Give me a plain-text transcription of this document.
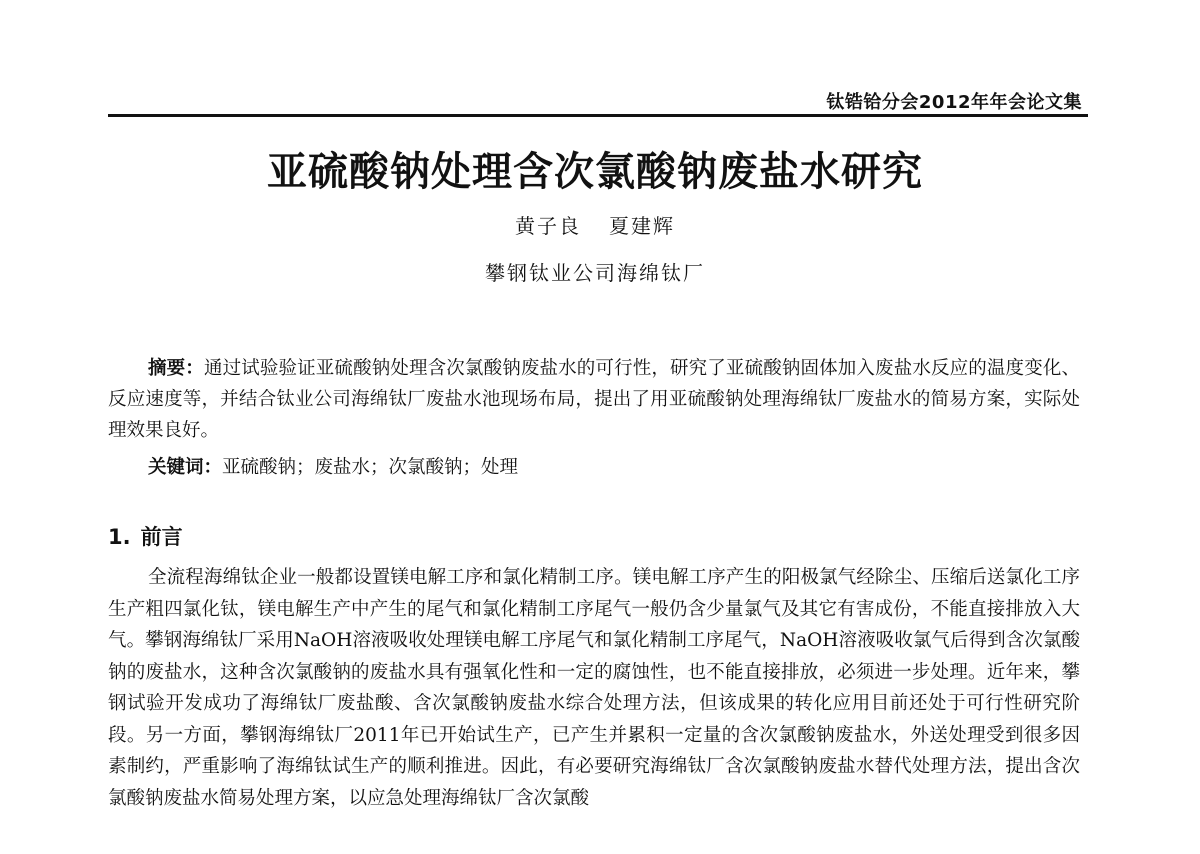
钛锆铪分会2012年年会论文集
亚硫酸钠处理含次氯酸钠废盐水研究
黄子良 夏建辉
攀钢钛业公司海绵钛厂

摘要：通过试验验证亚硫酸钠处理含次氯酸钠废盐水的可行性，研究了亚硫酸钠固体加入废盐水反应的温度变化、反应速度等，并结合钛业公司海绵钛厂废盐水池现场布局，提出了用亚硫酸钠处理海绵钛厂废盐水的简易方案，实际处理效果良好。

关键词：亚硫酸钠；废盐水；次氯酸钠；处理

1. 前言

全流程海绵钛企业一般都设置镁电解工序和氯化精制工序。镁电解工序产生的阳极氯气经除尘、压缩后送氯化工序生产粗四氯化钛，镁电解生产中产生的尾气和氯化精制工序尾气一般仍含少量氯气及其它有害成份，不能直接排放入大气。攀钢海绵钛厂采用NaOH溶液吸收处理镁电解工序尾气和氯化精制工序尾气，NaOH溶液吸收氯气后得到含次氯酸钠的废盐水，这种含次氯酸钠的废盐水具有强氧化性和一定的腐蚀性，也不能直接排放，必须进一步处理。近年来，攀钢试验开发成功了海绵钛厂废盐酸、含次氯酸钠废盐水综合处理方法，但该成果的转化应用目前还处于可行性研究阶段。另一方面，攀钢海绵钛厂2011年已开始试生产，已产生并累积一定量的含次氯酸钠废盐水，外送处理受到很多因素制约，严重影响了海绵钛试生产的顺利推进。因此，有必要研究海绵钛厂含次氯酸钠废盐水替代处理方法，提出含次氯酸钠废盐水简易处理方案，以应急处理海绵钛厂含次氯酸
